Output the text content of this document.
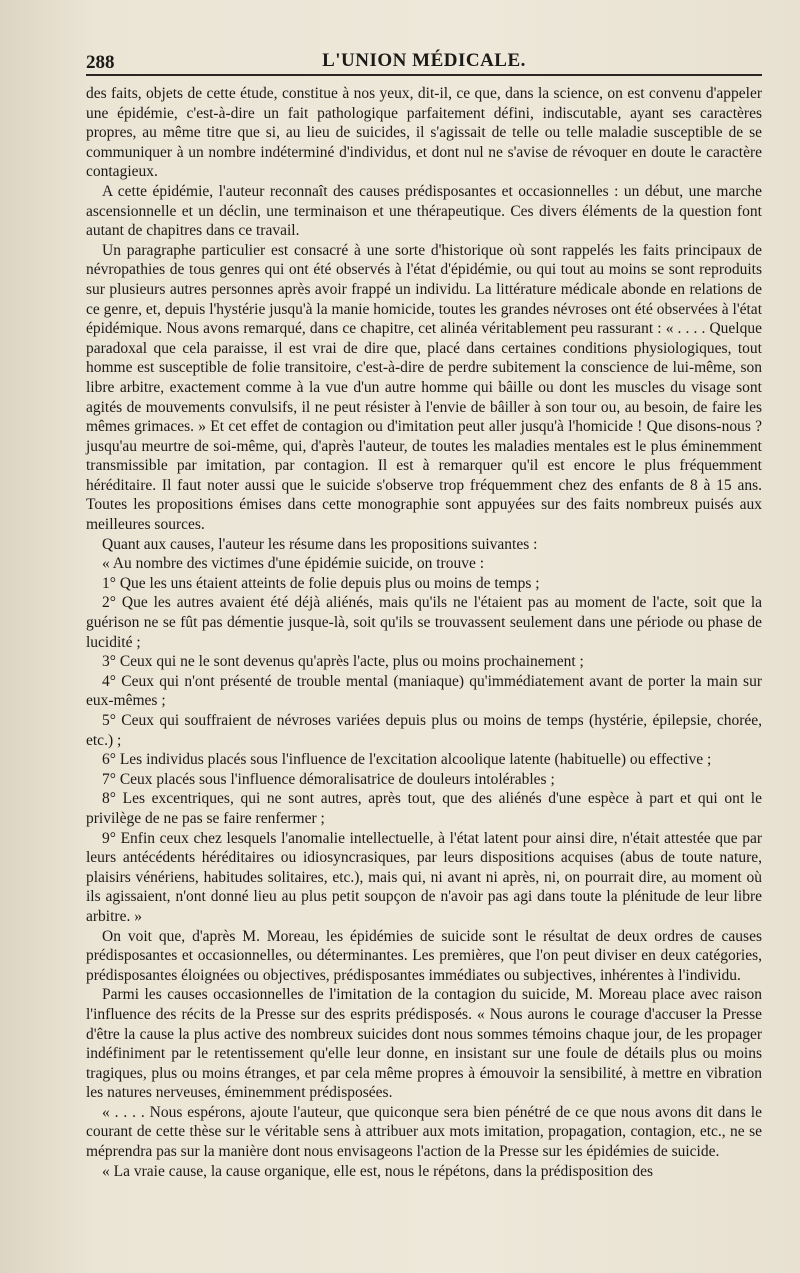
288	L'UNION MÉDICALE.

des faits, objets de cette étude, constitue à nos yeux, dit-il, ce que, dans la science, on est convenu d'appeler une épidémie, c'est-à-dire un fait pathologique parfaitement défini, indiscutable, ayant ses caractères propres, au même titre que si, au lieu de suicides, il s'agissait de telle ou telle maladie susceptible de se communiquer à un nombre indéterminé d'individus, et dont nul ne s'avise de révoquer en doute le caractère contagieux.

A cette épidémie, l'auteur reconnaît des causes prédisposantes et occasionnelles : un début, une marche ascensionnelle et un déclin, une terminaison et une thérapeutique. Ces divers éléments de la question font autant de chapitres dans ce travail.

Un paragraphe particulier est consacré à une sorte d'historique où sont rappelés les faits principaux de névropathies de tous genres qui ont été observés à l'état d'épidémie, ou qui tout au moins se sont reproduits sur plusieurs autres personnes après avoir frappé un individu. La littérature médicale abonde en relations de ce genre, et, depuis l'hystérie jusqu'à la manie homicide, toutes les grandes névroses ont été observées à l'état épidémique. Nous avons remarqué, dans ce chapitre, cet alinéa véritablement peu rassurant : « . . . . Quelque paradoxal que cela paraisse, il est vrai de dire que, placé dans certaines conditions physiologiques, tout homme est susceptible de folie transitoire, c'est-à-dire de perdre subitement la conscience de lui-même, son libre arbitre, exactement comme à la vue d'un autre homme qui bâille ou dont les muscles du visage sont agités de mouvements convulsifs, il ne peut résister à l'envie de bâiller à son tour ou, au besoin, de faire les mêmes grimaces. » Et cet effet de contagion ou d'imitation peut aller jusqu'à l'homicide ! Que disons-nous ? jusqu'au meurtre de soi-même, qui, d'après l'auteur, de toutes les maladies mentales est le plus éminemment transmissible par imitation, par contagion. Il est à remarquer qu'il est encore le plus fréquemment héréditaire. Il faut noter aussi que le suicide s'observe trop fréquemment chez des enfants de 8 à 15 ans. Toutes les propositions émises dans cette monographie sont appuyées sur des faits nombreux puisés aux meilleures sources.

Quant aux causes, l'auteur les résume dans les propositions suivantes :

« Au nombre des victimes d'une épidémie suicide, on trouve :

1° Que les uns étaient atteints de folie depuis plus ou moins de temps ;

2° Que les autres avaient été déjà aliénés, mais qu'ils ne l'étaient pas au moment de l'acte, soit que la guérison ne se fût pas démentie jusque-là, soit qu'ils se trouvassent seulement dans une période ou phase de lucidité ;

3° Ceux qui ne le sont devenus qu'après l'acte, plus ou moins prochainement ;

4° Ceux qui n'ont présenté de trouble mental (maniaque) qu'immédiatement avant de porter la main sur eux-mêmes ;

5° Ceux qui souffraient de névroses variées depuis plus ou moins de temps (hystérie, épilepsie, chorée, etc.) ;

6° Les individus placés sous l'influence de l'excitation alcoolique latente (habituelle) ou effective ;

7° Ceux placés sous l'influence démoralisatrice de douleurs intolérables ;

8° Les excentriques, qui ne sont autres, après tout, que des aliénés d'une espèce à part et qui ont le privilège de ne pas se faire renfermer ;

9° Enfin ceux chez lesquels l'anomalie intellectuelle, à l'état latent pour ainsi dire, n'était attestée que par leurs antécédents héréditaires ou idiosyncrasiques, par leurs dispositions acquises (abus de toute nature, plaisirs vénériens, habitudes solitaires, etc.), mais qui, ni avant ni après, ni, on pourrait dire, au moment où ils agissaient, n'ont donné lieu au plus petit soupçon de n'avoir pas agi dans toute la plénitude de leur libre arbitre. »

On voit que, d'après M. Moreau, les épidémies de suicide sont le résultat de deux ordres de causes prédisposantes et occasionnelles, ou déterminantes. Les premières, que l'on peut diviser en deux catégories, prédisposantes éloignées ou objectives, prédisposantes immédiates ou subjectives, inhérentes à l'individu.

Parmi les causes occasionnelles de l'imitation de la contagion du suicide, M. Moreau place avec raison l'influence des récits de la Presse sur des esprits prédisposés. « Nous aurons le courage d'accuser la Presse d'être la cause la plus active des nombreux suicides dont nous sommes témoins chaque jour, de les propager indéfiniment par le retentissement qu'elle leur donne, en insistant sur une foule de détails plus ou moins tragiques, plus ou moins étranges, et par cela même propres à émouvoir la sensibilité, à mettre en vibration les natures nerveuses, éminemment prédisposées.

« . . . . Nous espérons, ajoute l'auteur, que quiconque sera bien pénétré de ce que nous avons dit dans le courant de cette thèse sur le véritable sens à attribuer aux mots imitation, propagation, contagion, etc., ne se méprendra pas sur la manière dont nous envisageons l'action de la Presse sur les épidémies de suicide.

« La vraie cause, la cause organique, elle est, nous le répétons, dans la prédisposition des
